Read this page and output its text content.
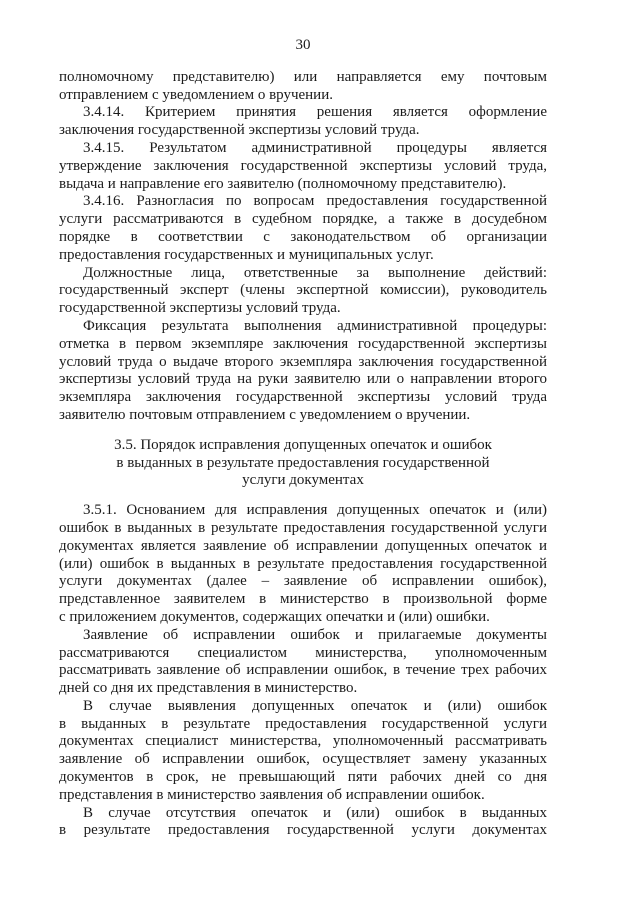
30
полномочному представителю) или направляется ему почтовым
отправлением с уведомлением о вручении.
3.4.14. Критерием принятия решения является оформление
заключения государственной экспертизы условий труда.
3.4.15. Результатом административной процедуры является
утверждение заключения государственной экспертизы условий труда,
выдача и направление его заявителю (полномочному представителю).
3.4.16. Разногласия по вопросам предоставления государственной
услуги рассматриваются в судебном порядке, а также в досудебном
порядке в соответствии с законодательством об организации
предоставления государственных и муниципальных услуг.
Должностные лица, ответственные за выполнение действий:
государственный эксперт (члены экспертной комиссии), руководитель
государственной экспертизы условий труда.
Фиксация результата выполнения административной процедуры:
отметка в первом экземпляре заключения государственной экспертизы
условий труда о выдаче второго экземпляра заключения государственной
экспертизы условий труда на руки заявителю или о направлении второго
экземпляра заключения государственной экспертизы условий труда
заявителю почтовым отправлением с уведомлением о вручении.
3.5. Порядок исправления допущенных опечаток и ошибок
в выданных в результате предоставления государственной
услуги документах
3.5.1. Основанием для исправления допущенных опечаток и (или)
ошибок в выданных в результате предоставления государственной услуги
документах является заявление об исправлении допущенных опечаток и
(или) ошибок в выданных в результате предоставления государственной
услуги документах (далее – заявление об исправлении ошибок),
представленное заявителем в министерство в произвольной форме
с приложением документов, содержащих опечатки и (или) ошибки.
Заявление об исправлении ошибок и прилагаемые документы
рассматриваются специалистом министерства, уполномоченным
рассматривать заявление об исправлении ошибок, в течение трех рабочих
дней со дня их представления в министерство.
В случае выявления допущенных опечаток и (или) ошибок
в выданных в результате предоставления государственной услуги
документах специалист министерства, уполномоченный рассматривать
заявление об исправлении ошибок, осуществляет замену указанных
документов в срок, не превышающий пяти рабочих дней со дня
представления в министерство заявления об исправлении ошибок.
В случае отсутствия опечаток и (или) ошибок в выданных
в результате предоставления государственной услуги документах
